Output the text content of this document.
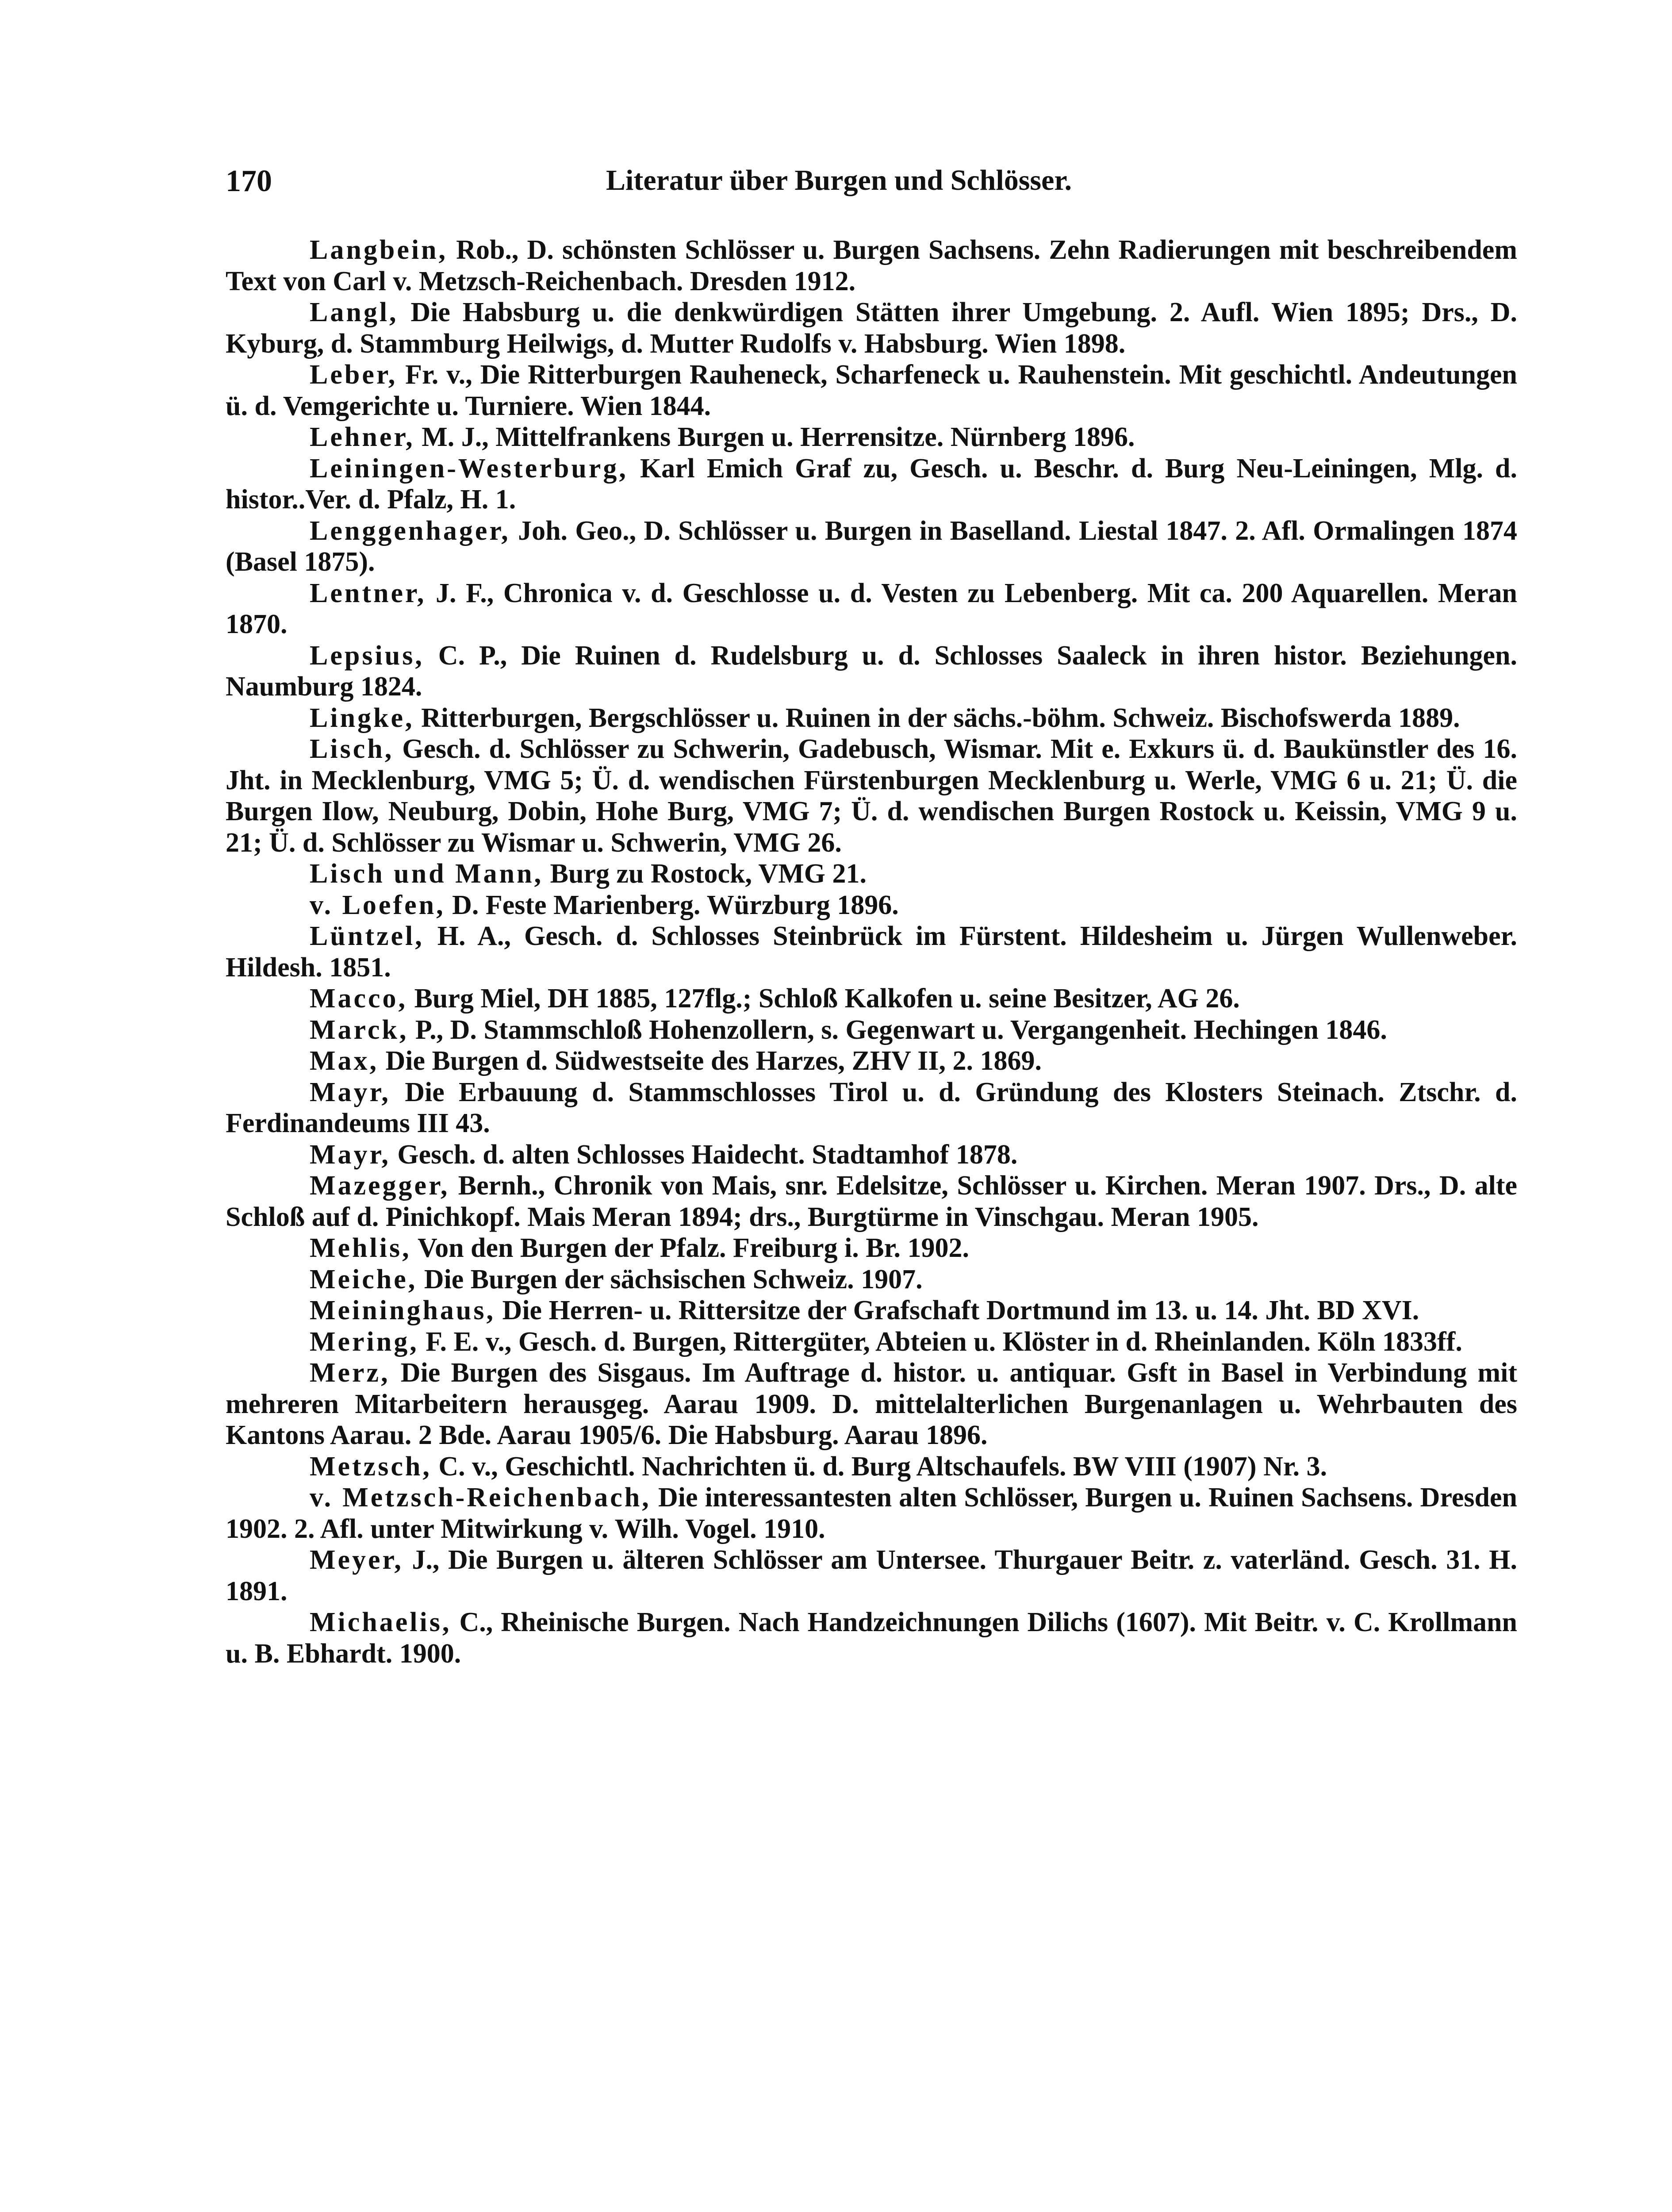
170	Literatur über Burgen und Schlösser.

Langbein, Rob., D. schönsten Schlösser u. Burgen Sachsens. Zehn Radierungen mit beschreibendem Text von Carl v. Metzsch-Reichenbach. Dresden 1912.

Langl, Die Habsburg u. die denkwürdigen Stätten ihrer Umgebung. 2. Aufl. Wien 1895; Drs., D. Kyburg, d. Stammburg Heilwigs, d. Mutter Rudolfs v. Habsburg. Wien 1898.

Leber, Fr. v., Die Ritterburgen Rauheneck, Scharfeneck u. Rauhenstein. Mit geschichtl. Andeutungen ü. d. Vemgerichte u. Turniere. Wien 1844.

Lehner, M. J., Mittelfrankens Burgen u. Herrensitze. Nürnberg 1896.

Leiningen-Westerburg, Karl Emich Graf zu, Gesch. u. Beschr. d. Burg Neu-Leiningen, Mlg. d. histor..Ver. d. Pfalz, H. 1.

Lenggenhager, Joh. Geo., D. Schlösser u. Burgen in Baselland. Liestal 1847. 2. Afl. Ormalingen 1874 (Basel 1875).

Lentner, J. F., Chronica v. d. Geschlosse u. d. Vesten zu Lebenberg. Mit ca. 200 Aquarellen. Meran 1870.

Lepsius, C. P., Die Ruinen d. Rudelsburg u. d. Schlosses Saaleck in ihren histor. Beziehungen. Naumburg 1824.

Lingke, Ritterburgen, Bergschlösser u. Ruinen in der sächs.-böhm. Schweiz. Bischofswerda 1889.

Lisch, Gesch. d. Schlösser zu Schwerin, Gadebusch, Wismar. Mit e. Exkurs ü. d. Baukünstler des 16. Jht. in Mecklenburg, VMG 5; Ü. d. wendischen Fürstenburgen Mecklenburg u. Werle, VMG 6 u. 21; Ü. die Burgen Ilow, Neuburg, Dobin, Hohe Burg, VMG 7; Ü. d. wendischen Burgen Rostock u. Keissin, VMG 9 u. 21; Ü. d. Schlösser zu Wismar u. Schwerin, VMG 26.

Lisch und Mann, Burg zu Rostock, VMG 21.

v. Loefen, D. Feste Marienberg. Würzburg 1896.

Lüntzel, H. A., Gesch. d. Schlosses Steinbrück im Fürstent. Hildesheim u. Jürgen Wullenweber. Hildesh. 1851.

Macco, Burg Miel, DH 1885, 127flg.; Schloß Kalkofen u. seine Besitzer, AG 26.

Marck, P., D. Stammschloß Hohenzollern, s. Gegenwart u. Vergangenheit. Hechingen 1846.

Max, Die Burgen d. Südwestseite des Harzes, ZHV II, 2. 1869.

Mayr, Die Erbauung d. Stammschlosses Tirol u. d. Gründung des Klosters Steinach. Ztschr. d. Ferdinandeums III 43.

Mayr, Gesch. d. alten Schlosses Haidecht. Stadtamhof 1878.

Mazegger, Bernh., Chronik von Mais, snr. Edelsitze, Schlösser u. Kirchen. Meran 1907. Drs., D. alte Schloß auf d. Pinichkopf. Mais Meran 1894; drs., Burgtürme in Vinschgau. Meran 1905.

Mehlis, Von den Burgen der Pfalz. Freiburg i. Br. 1902.

Meiche, Die Burgen der sächsischen Schweiz. 1907.

Meininghaus, Die Herren- u. Rittersitze der Grafschaft Dortmund im 13. u. 14. Jht. BD XVI.

Mering, F. E. v., Gesch. d. Burgen, Rittergüter, Abteien u. Klöster in d. Rheinlanden. Köln 1833ff.

Merz, Die Burgen des Sisgaus. Im Auftrage d. histor. u. antiquar. Gsft in Basel in Verbindung mit mehreren Mitarbeitern herausgeg. Aarau 1909. D. mittelalterlichen Burgenanlagen u. Wehrbauten des Kantons Aarau. 2 Bde. Aarau 1905/6. Die Habsburg. Aarau 1896.

Metzsch, C. v., Geschichtl. Nachrichten ü. d. Burg Altschaufels. BW VIII (1907) Nr. 3.

v. Metzsch-Reichenbach, Die interessantesten alten Schlösser, Burgen u. Ruinen Sachsens. Dresden 1902. 2. Afl. unter Mitwirkung v. Wilh. Vogel. 1910.

Meyer, J., Die Burgen u. älteren Schlösser am Untersee. Thurgauer Beitr. z. vaterländ. Gesch. 31. H. 1891.

Michaelis, C., Rheinische Burgen. Nach Handzeichnungen Dilichs (1607). Mit Beitr. v. C. Krollmann u. B. Ebhardt. 1900.
